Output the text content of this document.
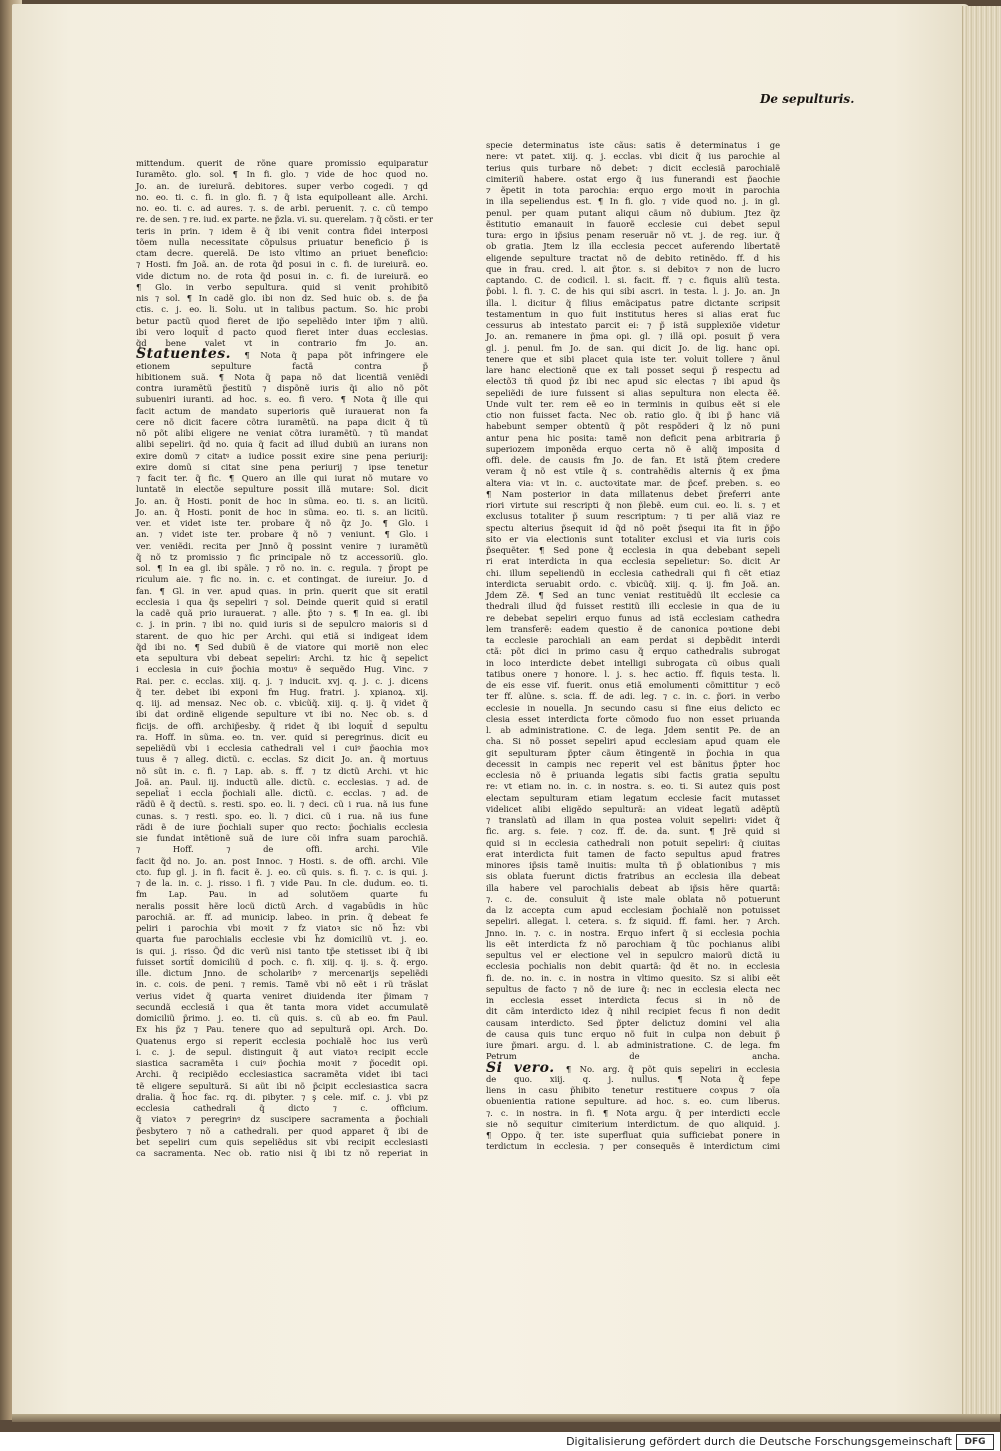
De sepulturis.
mittendum. querit de rõne quare promissio equiparatur
Iuramẽto. glo. sol. ¶ In fi. glo. ⁊ vide de hoc quod no.
Jo. an. de iureiurã. debitores. super verbo cogedi. ⁊ qd
no. eo. ti. c. fi. in glo. fi. ⁊ q̃ ista equipolleant alle. Archi.
no. eo. ti. c. ad aures. ⁊. s. de arbi. peruenit. ⁊. c. cũ tempo
re. de sen. ⁊ re. iud. ex parte. ne p̃zla. vi. su. querelam. ⁊ q̃ cõsti. er ter
teris in prin. ⁊ idem ẽ q̃ ibi venit contra fidei interposi
tõem nulla necessitate cõpulsus priuatur beneficio p̃ is
ctam decre. querelã. De isto vltimo an priuet beneficio:
⁊ Hosti. fm Joã. an. de rota q̃d posui in c. fi. de iureiurã. eo.
vide dictum no. de rota q̃d posui in. c. fi. de iureiurã. eo
¶ Glo. in verbo sepultura. quid si venit prohibitõ
nis ⁊ sol. ¶ In cadẽ glo. ibi non dz. Sed huic ob. s. de p̃a
ctis. c. j. eo. li. Solu. ut in talibus pactum. So. hic probi
betur pactũ quod fieret de ip̃o sepeliẽdo inter ip̃m ⁊ aliũ.
ibi vero loquit̃ d pacto quod fieret inter duas ecclesias.
q̃d bene valet vt in contrario fm Jo. an.
Statuentes. ¶ Nota q̃ papa põt infringere ele
etionem sepulture factã contra p̃
hibitionem suã. ¶ Nota q̃ papa nõ dat licentiã veniẽdi
contra iuramẽtũ p̃estitũ ⁊ dispõnẽ iuris q̃i alio nõ põt
subueniri iuranti. ad hoc. s. eo. fi vero. ¶ Nota q̃ ille qui
facit actum de mandato superioris quẽ iurauerat non fa
cere nõ dicit facere cõtra iuramẽtũ. na papa dicit q̃ tũ
nõ põt alibi eligere ne veniat cõtra iuramẽtũ. ⁊ tũ mandat
alibi sepeliri. q̃d no. quia q̃ facit ad illud dubiũ an iurans non
exire domũ ⁊ citatꝰ a iudice possit exire sine pena periurij:
exire domũ si citat sine pena periurij ⁊ ipse tenetur
⁊ facit ter. q̃ fic. ¶ Quero an ille qui iurat nõ mutare vo
luntatẽ in electõe sepulture possit illã mutare: Sol. dicit
Jo. an. q̃ Hosti. ponit de hoc in sũma. eo. ti. s. an licitũ.
Jo. an. q̃ Hosti. ponit de hoc in sũma. eo. ti. s. an licitũ.
ver. et videt iste ter. probare q̃ nõ q̃z Jo. ¶ Glo. i
an. ⁊ videt iste ter. probare q̃ nõ ⁊ veniunt. ¶ Glo. i
ver. veniẽdi. recita per Jnnõ q̃ possint venire ⁊ iuramẽtũ
q̃ nõ tz promissio ⁊ fic principale nõ tz accessoriũ. glo.
sol. ¶ In ea gl. ibi spãle. ⁊ rõ no. in. c. regula. ⁊ p̃ropt pe
riculum aie. ⁊ fic no. in. c. et contingat. de iureiur. Jo. d
fan. ¶ Gl. in ver. apud quas. in prin. querit que sit eratil
ecclesia i qua q̃s sepeliri ⁊ sol. Deinde querit quid si eratil
la cadẽ quã prio iurauerat. ⁊ alle. p̃to ⁊ s. ¶ In ea. gl. ibi
c. j. in prin. ⁊ ibi no. quid iuris si de sepulcro maioris si d
starent. de quo hic per Archi. qui etiã si indigeat idem
q̃d ibi no. ¶ Sed dubiũ ẽ de viatore qui moriẽ non elec
eta sepultura vbi debeat sepeliri: Archi. tz hic q̃ sepelict
i ecclesia in cuiꝰ p̃ochia moꝛtuꝰ ẽ sequẽdo Hug. Vinc. ⁊
Rai. per. c. ecclas. xiij. q. j. ⁊ inducit. xvj. q. j. c. j. dicens
q̃ ter. debet ibi exponi fm Hug. fratri. j. xpianoꝝ. xij.
q. iij. ad mensaz. Nec ob. c. vbicũq̃. xiij. q. ij. q̃ videt q̃
ibi dat ordinẽ eligende sepulture vt ibi no. Nec ob. s. d
ficijs. de offi. archip̃esby. q̃ ridet q̃ ibi loquit̃ d sepultu
ra. Hoff. in sũma. eo. tn. ver. quid si peregrinus. dicit eu
sepeliẽdũ vbi i ecclesia cathedrali vel i cuiꝰ p̃aochia moꝛ
tuus ẽ ⁊ alleg. dictũ. c. ecclas. Sz dicit Jo. an. q̃ mortuus
nõ sũt in. c. fi. ⁊ Lap. ab. s. ff. ⁊ tz dictũ Archi. vt hic
Joã. an. Paul. iij. inductũ alle. dictũ. c. ecclesias. ⁊ ad. de
sepeliat̃ i eccla p̃ochiali alle. dictũ. c. ecclas. ⁊ ad. de
rãdũ ẽ q̃ dectũ. s. resti. spo. eo. li. ⁊ deci. cũ i rua. nã ius fune
cunas. s. ⁊ resti. spo. eo. li. ⁊ dici. cũ i rua. nã ius fune
rãdi ẽ de iure p̃ochiali super quo recto: p̃ochialis ecclesia
sie fundat intẽtionẽ suã de iure cõi infra suam parochiã.
⁊ Hoff. ⁊ de offi. archi. Vile
facit q̃d no. Jo. an. post Innoc. ⁊ Hosti. s. de offi. archi. Vile
cto. fup gl. j. in fi. facit ẽ. j. eo. cũ quis. s. fi. ⁊. c. is qui. j.
⁊ de la. in. c. j. risso. i fi. ⁊ vide Pau. In cle. dudum. eo. ti.
fm Lap. Pau. in ad solutõem quarte fu
neralis possit hẽre locũ dictũ Arch. d vagabūdis in hũc
parochiã. ar. ff. ad municip. labeo. in prin. q̃ debeat fe
peliri i parochia vbi moꝛit ⁊ fz viatoꝛ sic nõ h̃z: vbi
quarta fue parochialis ecclesie vbi h̃z domiciliũ vt. j. eo.
is qui. j. risso. Q̃d dic verũ nisi tanto tp̃e stetisset ibi q̃ ibi
fuisset sortit̃ domiciliũ d poch. c. fi. xiij. q. ij. s. q̃. ergo.
ille. dictum Jnno. de scholaribꝰ ⁊ mercenarijs sepeliẽdi
in. c. cois. de peni. ⁊ remis. Tamẽ vbi nõ eẽt i rũ trãslat
verius videt q̃ quarta veniret diuidenda iter p̃imam ⁊
secundã ecclesiã i qua ẽt tanta mora videt accumulatẽ
domiciliũ p̃rimo. j. eo. ti. cũ quis. s. cũ ab eo. fm Paul.
Ex his p̃z ⁊ Pau. tenere quo ad sepulturã opi. Arch. Do.
Quatenus ergo si reperit ecclesia pochialẽ hoc ius verũ
i. c. j. de sepul. distinguit q̃ aut viatoꝛ recipit eccle
siastica sacramẽta i cuiꝰ p̃ochia moꝛit ⁊ p̃ocedit opi.
Archi. q̃ recipiẽdo ecclesiastica sacramẽta videt ibi taci
tẽ eligere sepulturã. Si aũt ibi nõ p̃cipit ecclesiastica sacra
dralia. q̃ h̃oc fac. rq. di. pibyter. ⁊ ş cele. mif. c. j. vbi pz
ecclesia cathedrali q̃ dicto ⁊ c. officium.
q̃ viatoꝛ ⁊ peregrinꝰ dz suscipere sacramenta a p̃ochiali
p̃esbytero ⁊ nõ a cathedrali. per quod apparet q̃ ibi de
bet sepeliri cum quis sepeliẽdus sit vbi recipit ecclesiasti
ca sacramenta. Nec ob. ratio nisi q̃ ibi tz nõ reperiat in
specie determinatus iste cãus: satis ẽ determinatus i ge
nere: vt patet. xiij. q. j. ecclas. vbi dicit q̃ ius parochie al
terius quis turbare nõ debet: ⁊ dicit ecclesiã parochialẽ
cimiteriũ habere. ostat ergo q̃ ius funerandi est p̃aochie
⁊ ẽpetit in tota parochia: erquo ergo moꝛit in parochia
in illa sepeliendus est. ¶ In fi. glo. ⁊ vide quod no. j. in gl.
penul. per quam putant aliqui cãum nõ dubium. Jtez q̃z
ẽstitutio emanauit in fauorẽ ecclesie cui debet sepul
tura: ergo in ip̃sius penam reseruãr nõ vt. j. de reg. iur. q̃
ob gratia. Jtem lz illa ecclesia peccet auferendo libertatẽ
eligende sepulture tractat nõ de debito retinẽdo. ff. d his
que in frau. cred. l. ait p̃tor. s. si debitoꝛ ⁊ non de lucro
captando. C. de codicil. l. si. facit. ff. ⁊ c. fiquis aliũ testa.
p̃obi. l. fi. ⁊. C. de his qui sibi ascri. in testa. l. j. Jo. an. Jn
illa. l. dicitur q̃ filius emãcipatus patre dictante scripsit
testamentum in quo fuit institutus heres si alias erat fuc
cessurus ab intestato parcit ei: ⁊ p̃ istã supplexiõe videtur
Jo. an. remanere in p̃ma opi. gl. ⁊ illã opi. posuit p̃ vera
gl. j. penul. fm Jo. de san. qui dicit Jo. de lig. hanc opi.
tenere que et sibi placet quia iste ter. voluit tollere ⁊ ãnul
lare hanc electionẽ que ex tali posset sequi p̃ respectu ad
electõ3 tñ quod p̃z ibi nec apud sic electas ⁊ ibi apud q̃s
sepeliẽdi de iure fuissent si alias sepultura non electa ẽẽ.
Unde vult ter. rem eẽ eo in terminis in quibus eẽt si ele
ctio non fuisset facta. Nec ob. ratio glo. q̃ ibi p̃ hanc viã
habebunt semper obtentũ q̃ põt respõderi q̃ lz nõ puni
antur pena hic posita: tamẽ non deficit pena arbitraria p̃
superiozem imponẽda erquo certa nõ ẽ aliq̃ imposita d
offi. dele. de causis fm Jo. de fan. Et istã p̃tem credere
veram q̃ nõ est vtile q̃ s. contrahẽdis alternis q̃ ex p̃ma
altera via: vt in. c. auctoꝛitate mar. de p̃cef. preben. s. eo
¶ Nam posterior in data millatenus debet p̃referri ante
riori virtute sui rescripti q̃ non p̃lebẽ. eum cui. eo. li. s. ⁊ et
exclusus totaliter p̃ suum rescriptum: ⁊ ti per aliã viaz re
spectu alterius p̃sequit id q̃d nõ poẽt p̃sequi ita fit in p̃p̃o
sito er via electionis sunt totaliter exclusi et via iuris cois
p̃sequẽter. ¶ Sed pone q̃ ecclesia in qua debebant sepeli
ri erat interdicta in qua ecclesia sepelietur: So. dicit Ar
chi. illum sepeliendũ in ecclesia cathedrali qui fi cẽt etiaz
interdicta seruabit ordo. c. vbicũq̃. xiij. q. ij. fm Joã. an.
Jdem Zẽ. ¶ Sed an tunc veniat restituẽdũ ilt ecclesie ca
thedrali illud q̃d fuisset restitũ illi ecclesie in qua de iu
re debebat sepeliri erquo funus ad istã ecclesiam cathedra
lem transferẽ: eadem questio ẽ de canonica poꝛtione debi
ta ecclesie parochiali an eam perdat si depbẽdit interdi
ctã: põt dici in primo casu q̃ erquo cathedralis subrogat
in loco interdicte debet intelligi subrogata cũ oibus quali
tatibus onere ⁊ honore. l. j. s. hec actio. ff. fiquis testa. li.
de eis esse vif. fuerit. onus etiã emolumenti cõmittitur ⁊ ecõ
ter ff. alũne. s. scia. ff. de adi. leg. ⁊ c. in. c. p̃ori. in verbo
ecclesie in nouella. Jn secundo casu si fine eius delicto ec
clesia esset interdicta forte cõmodo fuo non esset priuanda
l. ab administratione. C. de lega. Jdem sentit Pe. de an
cha. Si nõ posset sepeliri apud ecclesiam apud quam ele
git sepulturam p̃pter cãum ẽtingentẽ in p̃ochia in qua
decessit in campis nec reperit vel est bãnitus p̃pter hoc
ecclesia nõ ẽ priuanda legatis sibi factis gratia sepultu
re: vt etiam no. in. c. in nostra. s. eo. ti. Si autez quis post
electam sepulturam etiam legatum ecclesie facit mutasset
videlicet alibi eligẽdo sepulturã: an videat legatũ adẽptũ
⁊ translatũ ad illam in qua postea voluit sepeliri: videt q̃
fic. arg. s. feie. ⁊ coz. ff. de. da. sunt. ¶ Jrẽ quid si
quid si in ecclesia cathedrali non potuit sepeliri: q̃ ciuitas
erat interdicta fuit tamen de facto sepultus apud fratres
minores ip̃sis tamẽ inuitis: multa tñ p̃ oblationibus ⁊ mis
sis oblata fuerunt dictis fratribus an ecclesia illa debeat
illa habere vel parochialis debeat ab ip̃sis hẽre quartã:
⁊. c. de. consuluit q̃ iste male oblata nõ potuerunt
da lz accepta cum apud ecclesiam p̃ochialẽ non potuisset
sepeliri. allegat. l. cetera. s. fz siquid. ff. fami. her. ⁊ Arch.
Jnno. in. ⁊. c. in nostra. Erquo infert q̃ si ecclesia pochia
lis eẽt interdicta fz nõ parochiam q̃ tũc pochianus alibi
sepultus vel er electione vel in sepulcro maiorũ dictã iu
ecclesia pochialis non debit quartã: q̃d ẽt no. in ecclesia
fi. de. no. in. c. in nostra in vltimo quesito. Sz si alibi eẽt
sepultus de facto ⁊ nõ de iure q̃: nec in ecclesia electa nec
in ecclesia esset interdicta fecus si in nõ de
dit cãm interdicto idez q̃ nihil recipiet fecus fi non dedit
causam interdicto. Sed p̃pter delictuz domini vel alia
de causa quis tunc erquo nõ fuit in culpa non debuit p̃
iure p̃mari. argu. d. l. ab administratione. C. de lega. fm
Petrum de ancha.
Si vero. ¶ No. arg. q̃ põt quis sepeliri in ecclesia
de quo. xiij. q. j. nullus. ¶ Nota q̃ fepe
liens in casu p̃hibito tenetur restituere coꝛpus ⁊ oĩa
obuenientia ratione sepulture. ad hoc. s. eo. cum liberus.
⁊. c. in nostra. in fi. ¶ Nota argu. q̃ per interdicti eccle
sie nõ sequitur cimiterium interdictum. de quo aliquid. j.
¶ Oppo. q̃ ter. iste superfluat quia sufficiebat ponere in
terdictum in ecclesia. ⁊ per consequẽs ẽ interdictum cimi
Digitalisierung gefördert durch die Deutsche Forschungsgemeinschaft	DFG
